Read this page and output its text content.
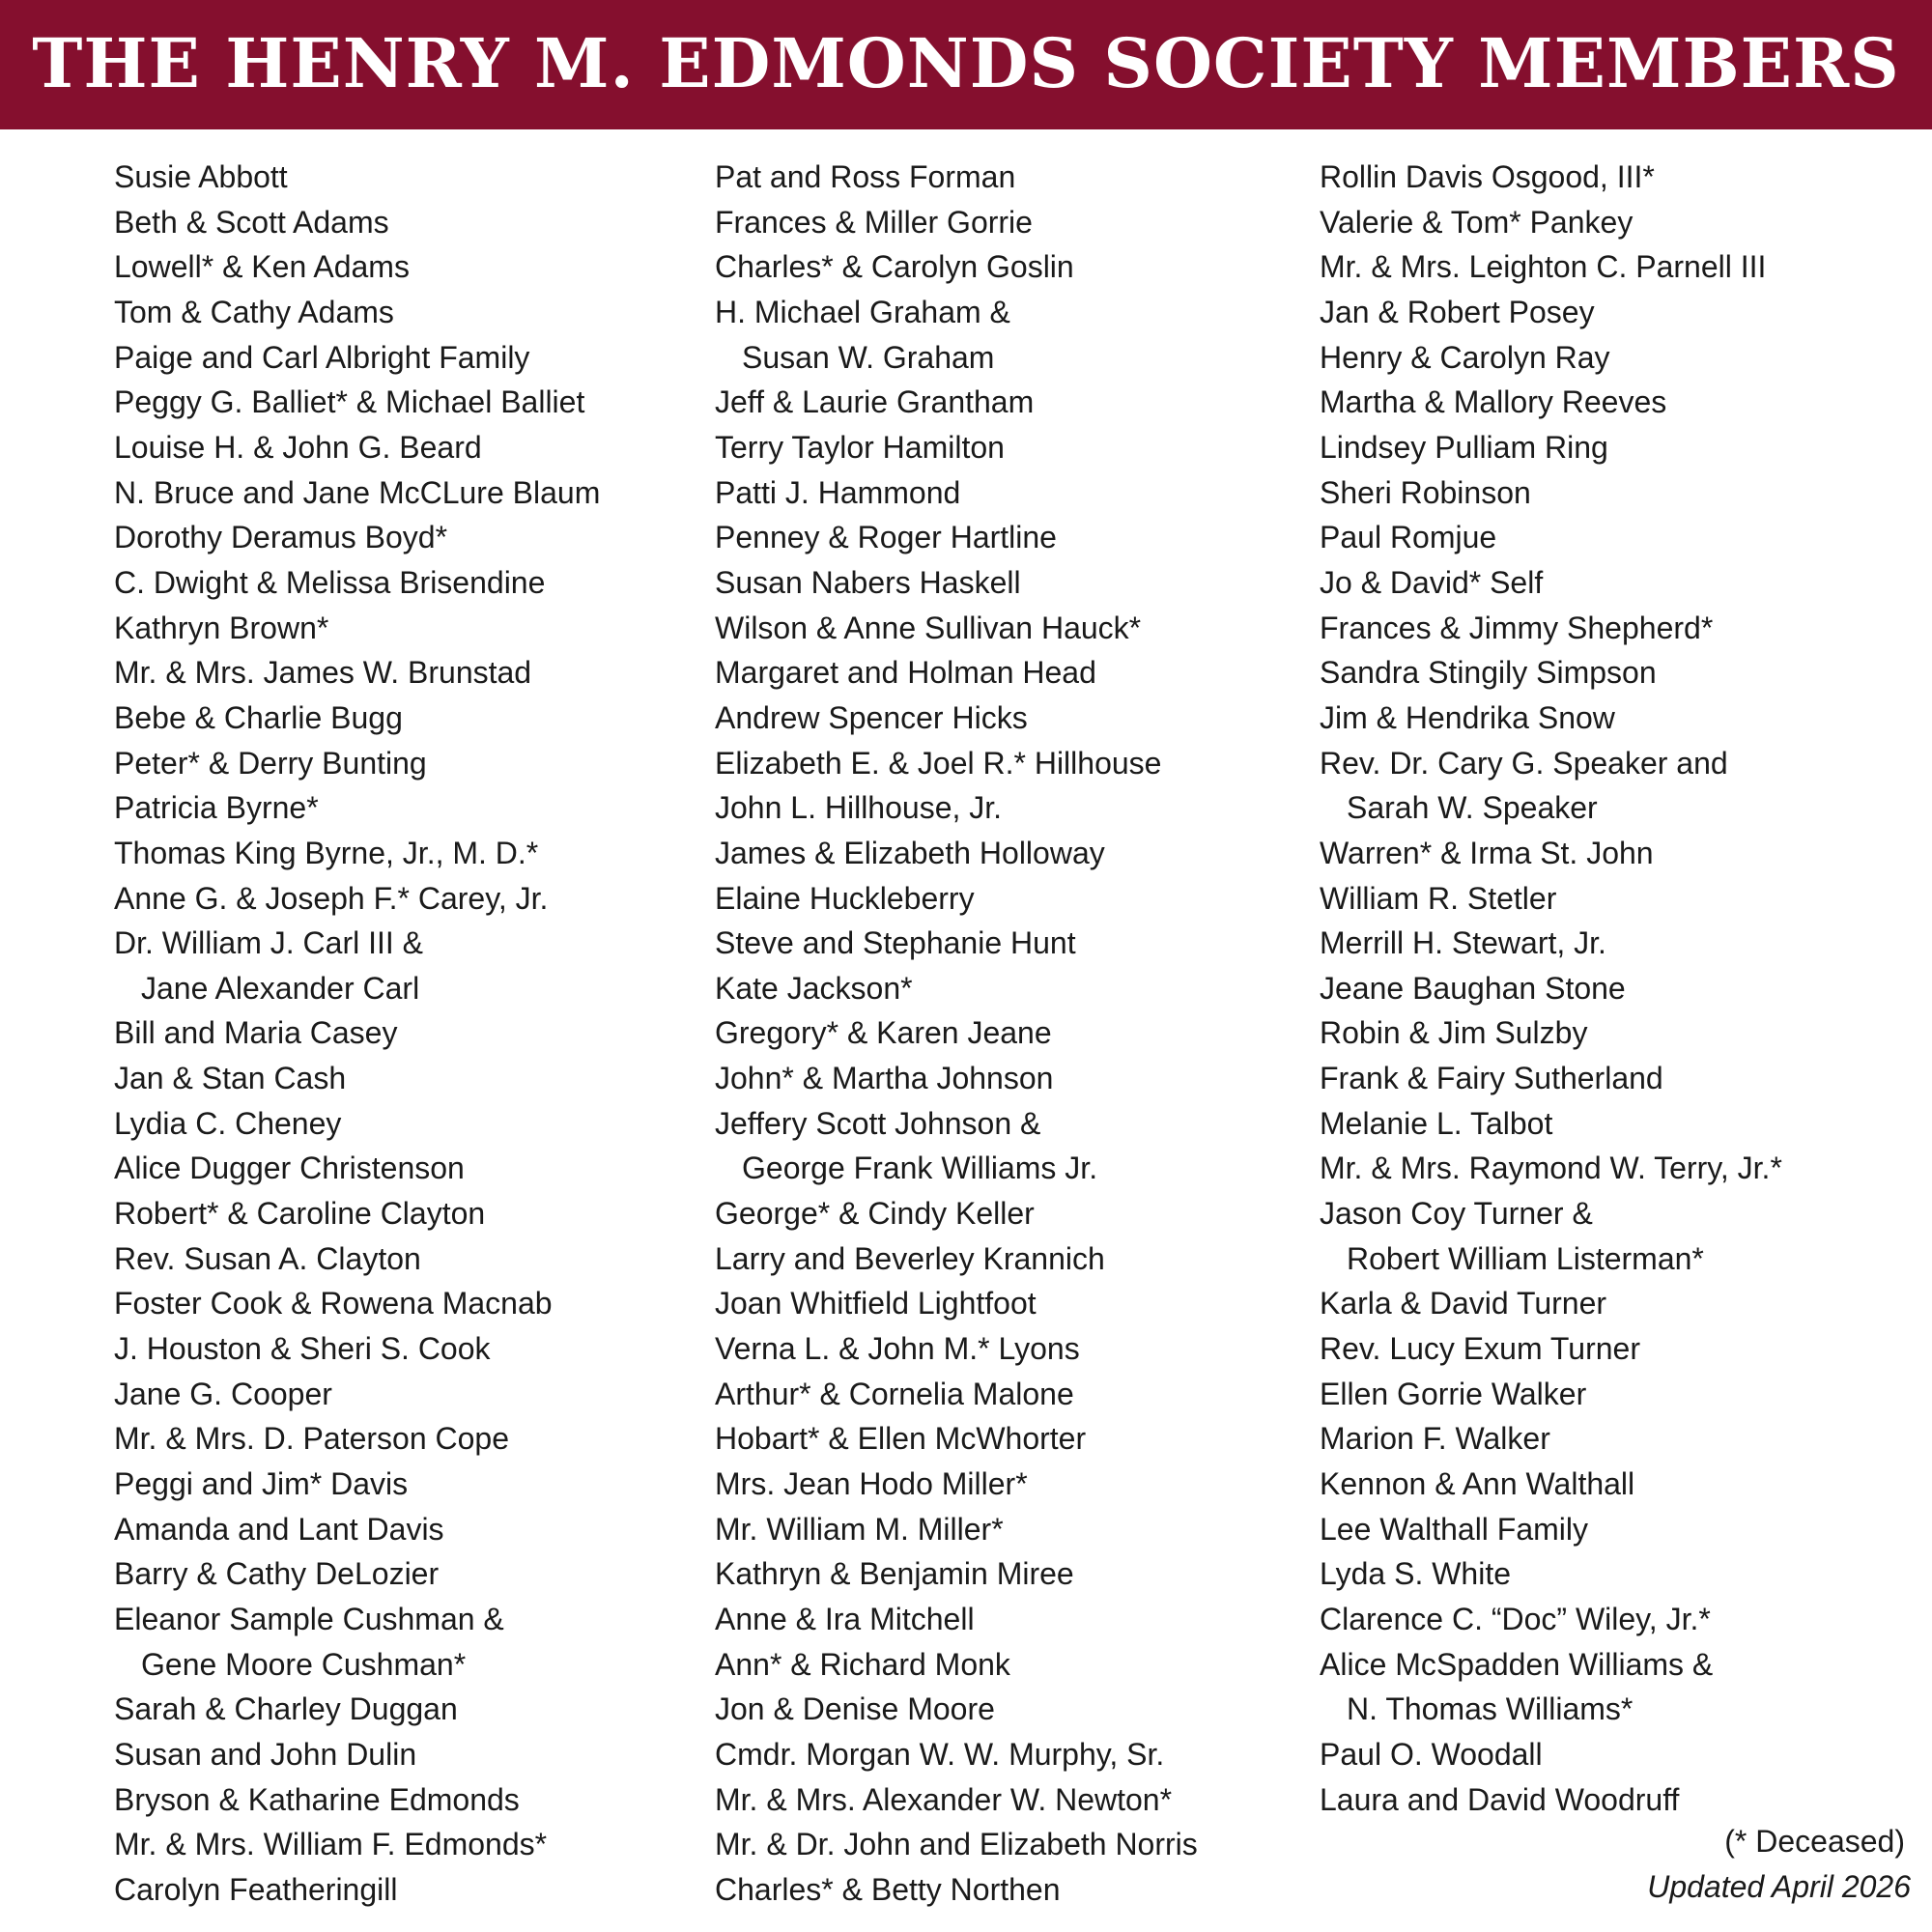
THE HENRY M. EDMONDS SOCIETY MEMBERS
Susie Abbott
Beth & Scott Adams
Lowell* & Ken Adams
Tom & Cathy Adams
Paige and Carl Albright Family
Peggy G. Balliet* & Michael Balliet
Louise H. & John G. Beard
N. Bruce and Jane McCLure Blaum
Dorothy Deramus Boyd*
C. Dwight & Melissa Brisendine
Kathryn Brown*
Mr. & Mrs. James W. Brunstad
Bebe & Charlie Bugg
Peter* & Derry Bunting
Patricia Byrne*
Thomas King Byrne, Jr., M. D.*
Anne G. & Joseph F.* Carey, Jr.
Dr. William J. Carl III &
Jane Alexander Carl
Bill and Maria Casey
Jan & Stan Cash
Lydia C. Cheney
Alice Dugger Christenson
Robert* & Caroline Clayton
Rev. Susan A. Clayton
Foster Cook & Rowena Macnab
J. Houston & Sheri S. Cook
Jane G. Cooper
Mr. & Mrs. D. Paterson Cope
Peggi and Jim* Davis
Amanda and Lant Davis
Barry & Cathy DeLozier
Eleanor Sample Cushman &
Gene Moore Cushman*
Sarah & Charley Duggan
Susan and John Dulin
Bryson & Katharine Edmonds
Mr. & Mrs. William F. Edmonds*
Carolyn Featheringill
Pat and Ross Forman
Frances & Miller Gorrie
Charles* & Carolyn Goslin
H. Michael Graham &
Susan W. Graham
Jeff & Laurie Grantham
Terry Taylor Hamilton
Patti J. Hammond
Penney & Roger Hartline
Susan Nabers Haskell
Wilson & Anne Sullivan Hauck*
Margaret and Holman Head
Andrew Spencer Hicks
Elizabeth E. & Joel R.* Hillhouse
John L. Hillhouse, Jr.
James & Elizabeth Holloway
Elaine Huckleberry
Steve and Stephanie Hunt
Kate Jackson*
Gregory* & Karen Jeane
John* & Martha Johnson
Jeffery Scott Johnson &
George Frank Williams Jr.
George* & Cindy Keller
Larry and Beverley Krannich
Joan Whitfield Lightfoot
Verna L. & John M.* Lyons
Arthur* & Cornelia Malone
Hobart* & Ellen McWhorter
Mrs. Jean Hodo Miller*
Mr. William M. Miller*
Kathryn & Benjamin Miree
Anne & Ira Mitchell
Ann* & Richard Monk
Jon & Denise Moore
Cmdr. Morgan W. W. Murphy, Sr.
Mr. & Mrs. Alexander W. Newton*
Mr. & Dr. John and Elizabeth Norris
Charles* & Betty Northen
Rollin Davis Osgood, III*
Valerie & Tom* Pankey
Mr. & Mrs. Leighton C. Parnell III
Jan & Robert Posey
Henry & Carolyn Ray
Martha & Mallory Reeves
Lindsey Pulliam Ring
Sheri Robinson
Paul Romjue
Jo & David* Self
Frances & Jimmy Shepherd*
Sandra Stingily Simpson
Jim & Hendrika Snow
Rev. Dr. Cary G. Speaker and
Sarah W. Speaker
Warren* & Irma St. John
William R. Stetler
Merrill H. Stewart, Jr.
Jeane Baughan Stone
Robin & Jim Sulzby
Frank & Fairy Sutherland
Melanie L. Talbot
Mr. & Mrs. Raymond W. Terry, Jr.*
Jason Coy Turner &
Robert William Listerman*
Karla & David Turner
Rev. Lucy Exum Turner
Ellen Gorrie Walker
Marion F. Walker
Kennon & Ann Walthall
Lee Walthall Family
Lyda S. White
Clarence C. “Doc” Wiley, Jr.*
Alice McSpadden Williams &
N. Thomas Williams*
Paul O. Woodall
Laura and David Woodruff
(* Deceased)
Updated April 2026
